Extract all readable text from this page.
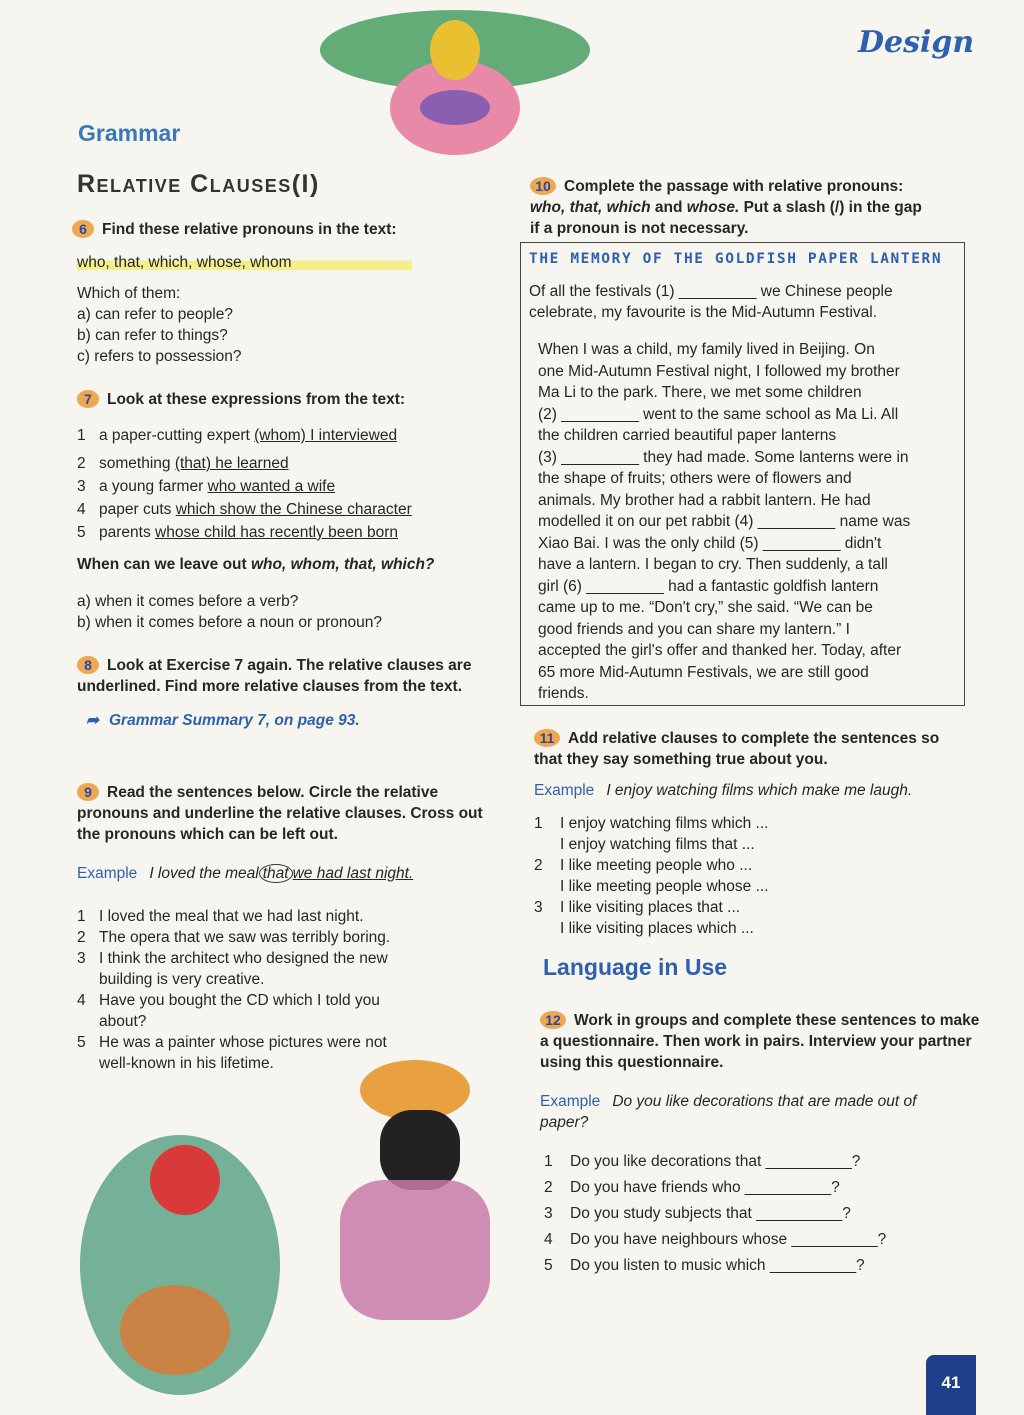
Design
Grammar
Relative Clauses(I)
6 Find these relative pronouns in the text:
who, that, which, whose, whom
Which of them:
a) can refer to people?
b) can refer to things?
c) refers to possession?
7 Look at these expressions from the text:
1 a paper-cutting expert (whom) I interviewed
2 something (that) he learned
3 a young farmer who wanted a wife
4 paper cuts which show the Chinese character
5 parents whose child has recently been born
When can we leave out who, whom, that, which?
a) when it comes before a verb?
b) when it comes before a noun or pronoun?
8 Look at Exercise 7 again. The relative clauses are
underlined. Find more relative clauses from the text.
➦ Grammar Summary 7, on page 93.
9 Read the sentences below. Circle the relative
pronouns and underline the relative clauses. Cross out
the pronouns which can be left out.
Example I loved the meal that we had last night.
1 I loved the meal that we had last night.
2 The opera that we saw was terribly boring.
3 I think the architect who designed the new
building is very creative.
4 Have you bought the CD which I told you
about?
5 He was a painter whose pictures were not
well-known in his lifetime.
10 Complete the passage with relative pronouns:
who, that, which and whose. Put a slash (/) in the gap
if a pronoun is not necessary.
THE MEMORY OF THE GOLDFISH PAPER LANTERN
Of all the festivals (1) _________ we Chinese people
celebrate, my favourite is the Mid-Autumn Festival.
When I was a child, my family lived in Beijing. On
one Mid-Autumn Festival night, I followed my brother
Ma Li to the park. There, we met some children
(2) _________ went to the same school as Ma Li. All
the children carried beautiful paper lanterns
(3) _________ they had made. Some lanterns were in
the shape of fruits; others were of flowers and
animals. My brother had a rabbit lantern. He had
modelled it on our pet rabbit (4) _________ name was
Xiao Bai. I was the only child (5) _________ didn't
have a lantern. I began to cry. Then suddenly, a tall
girl (6) _________ had a fantastic goldfish lantern
came up to me. “Don't cry,” she said. “We can be
good friends and you can share my lantern.” I
accepted the girl's offer and thanked her. Today, after
65 more Mid-Autumn Festivals, we are still good
friends.
11 Add relative clauses to complete the sentences so
that they say something true about you.
Example I enjoy watching films which make me laugh.
1 I enjoy watching films which ...
I enjoy watching films that ...
2 I like meeting people who ...
I like meeting people whose ...
3 I like visiting places that ...
I like visiting places which ...
Language in Use
12 Work in groups and complete these sentences to make
a questionnaire. Then work in pairs. Interview your partner
using this questionnaire.
Example Do you like decorations that are made out of
paper?
1 Do you like decorations that __________?
2 Do you have friends who __________?
3 Do you study subjects that __________?
4 Do you have neighbours whose __________?
5 Do you listen to music which __________?
41
